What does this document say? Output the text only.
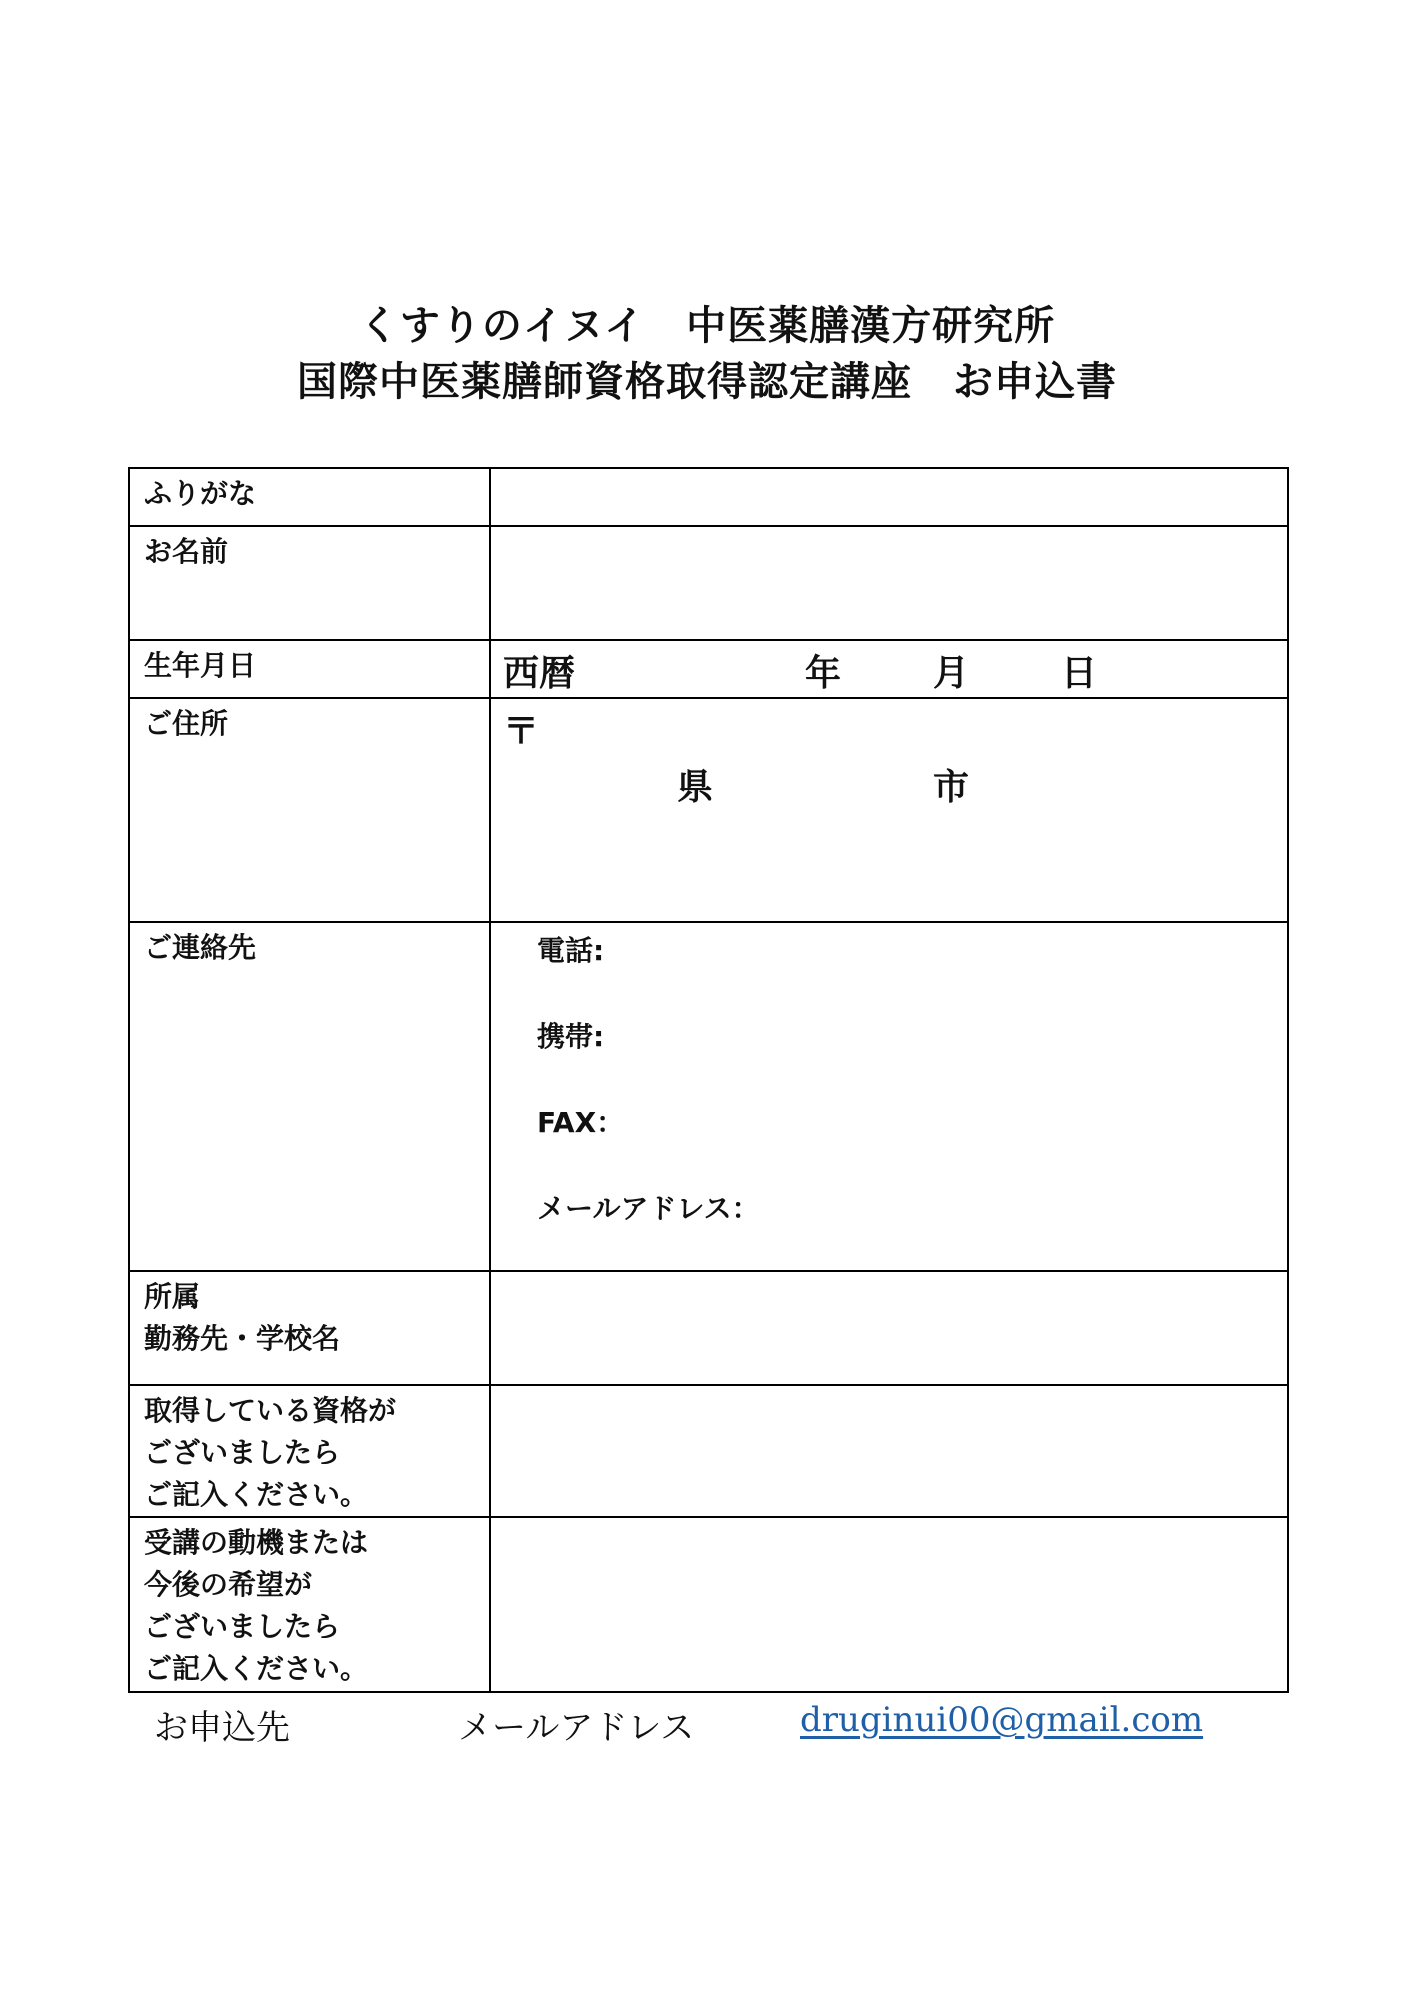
くすりのイヌイ　中医薬膳漢方研究所
国際中医薬膳師資格取得認定講座　お申込書
ふりがな	
お名前	
生年月日	西暦 年 月 日

ご住所	〒
県 市

ご連絡先	電話:
携帯:
FAX：
メールアドレス：

所属
勤務先・学校名	

取得している資格が
ございましたら
ご記入ください。	

受講の動機または
今後の希望が
ございましたら
ご記入ください。	

お申込先	メールアドレス	druginui00@gmail.com
